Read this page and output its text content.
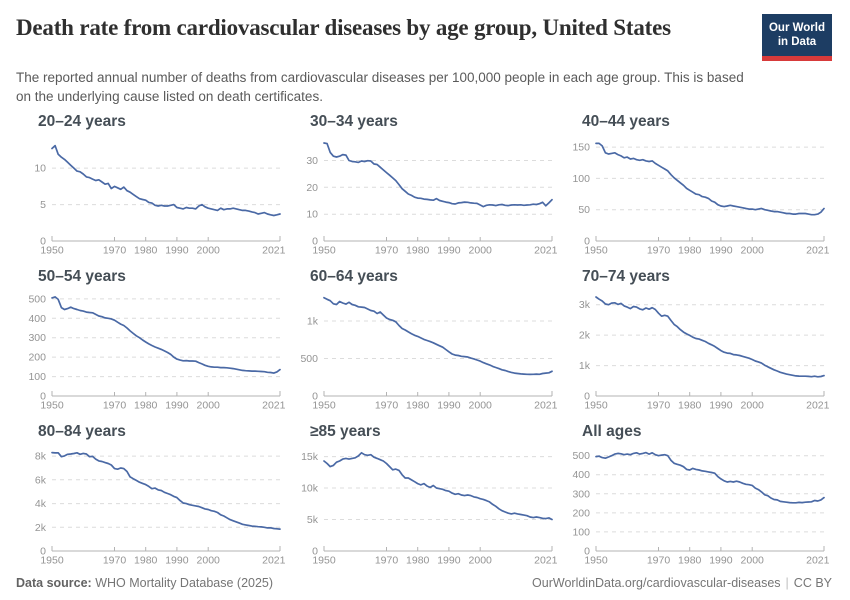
Death rate from cardiovascular diseases by age group, United States	Our World
in Data

The reported annual number of deaths from cardiovascular diseases per 100,000 people in each age group. This is based on the underlying cause listed on death certificates.

20–24 years
0
5
10
1950	1970 1980 1990 2000	2021
30–34 years
0
10
20
30
1950	1970 1980 1990 2000	2021
40–44 years
0
50
100
150
1950	1970 1980 1990 2000	2021
50–54 years
0
100
200
300
400
500
1950	1970 1980 1990 2000	2021
60–64 years
0
500
1k
1950	1970 1980 1990 2000	2021
70–74 years
0
1k
2k
3k
1950	1970 1980 1990 2000	2021
80–84 years
0
2k
4k
6k
8k
1950	1970 1980 1990 2000	2021
≥85 years
0
5k
10k
15k
1950	1970 1980 1990 2000	2021
All ages
0
100
200
300
400
500
1950	1970 1980 1990 2000	2021
Data source: WHO Mortality Database (2025)	OurWorldinData.org/cardiovascular-diseases | CC BY
